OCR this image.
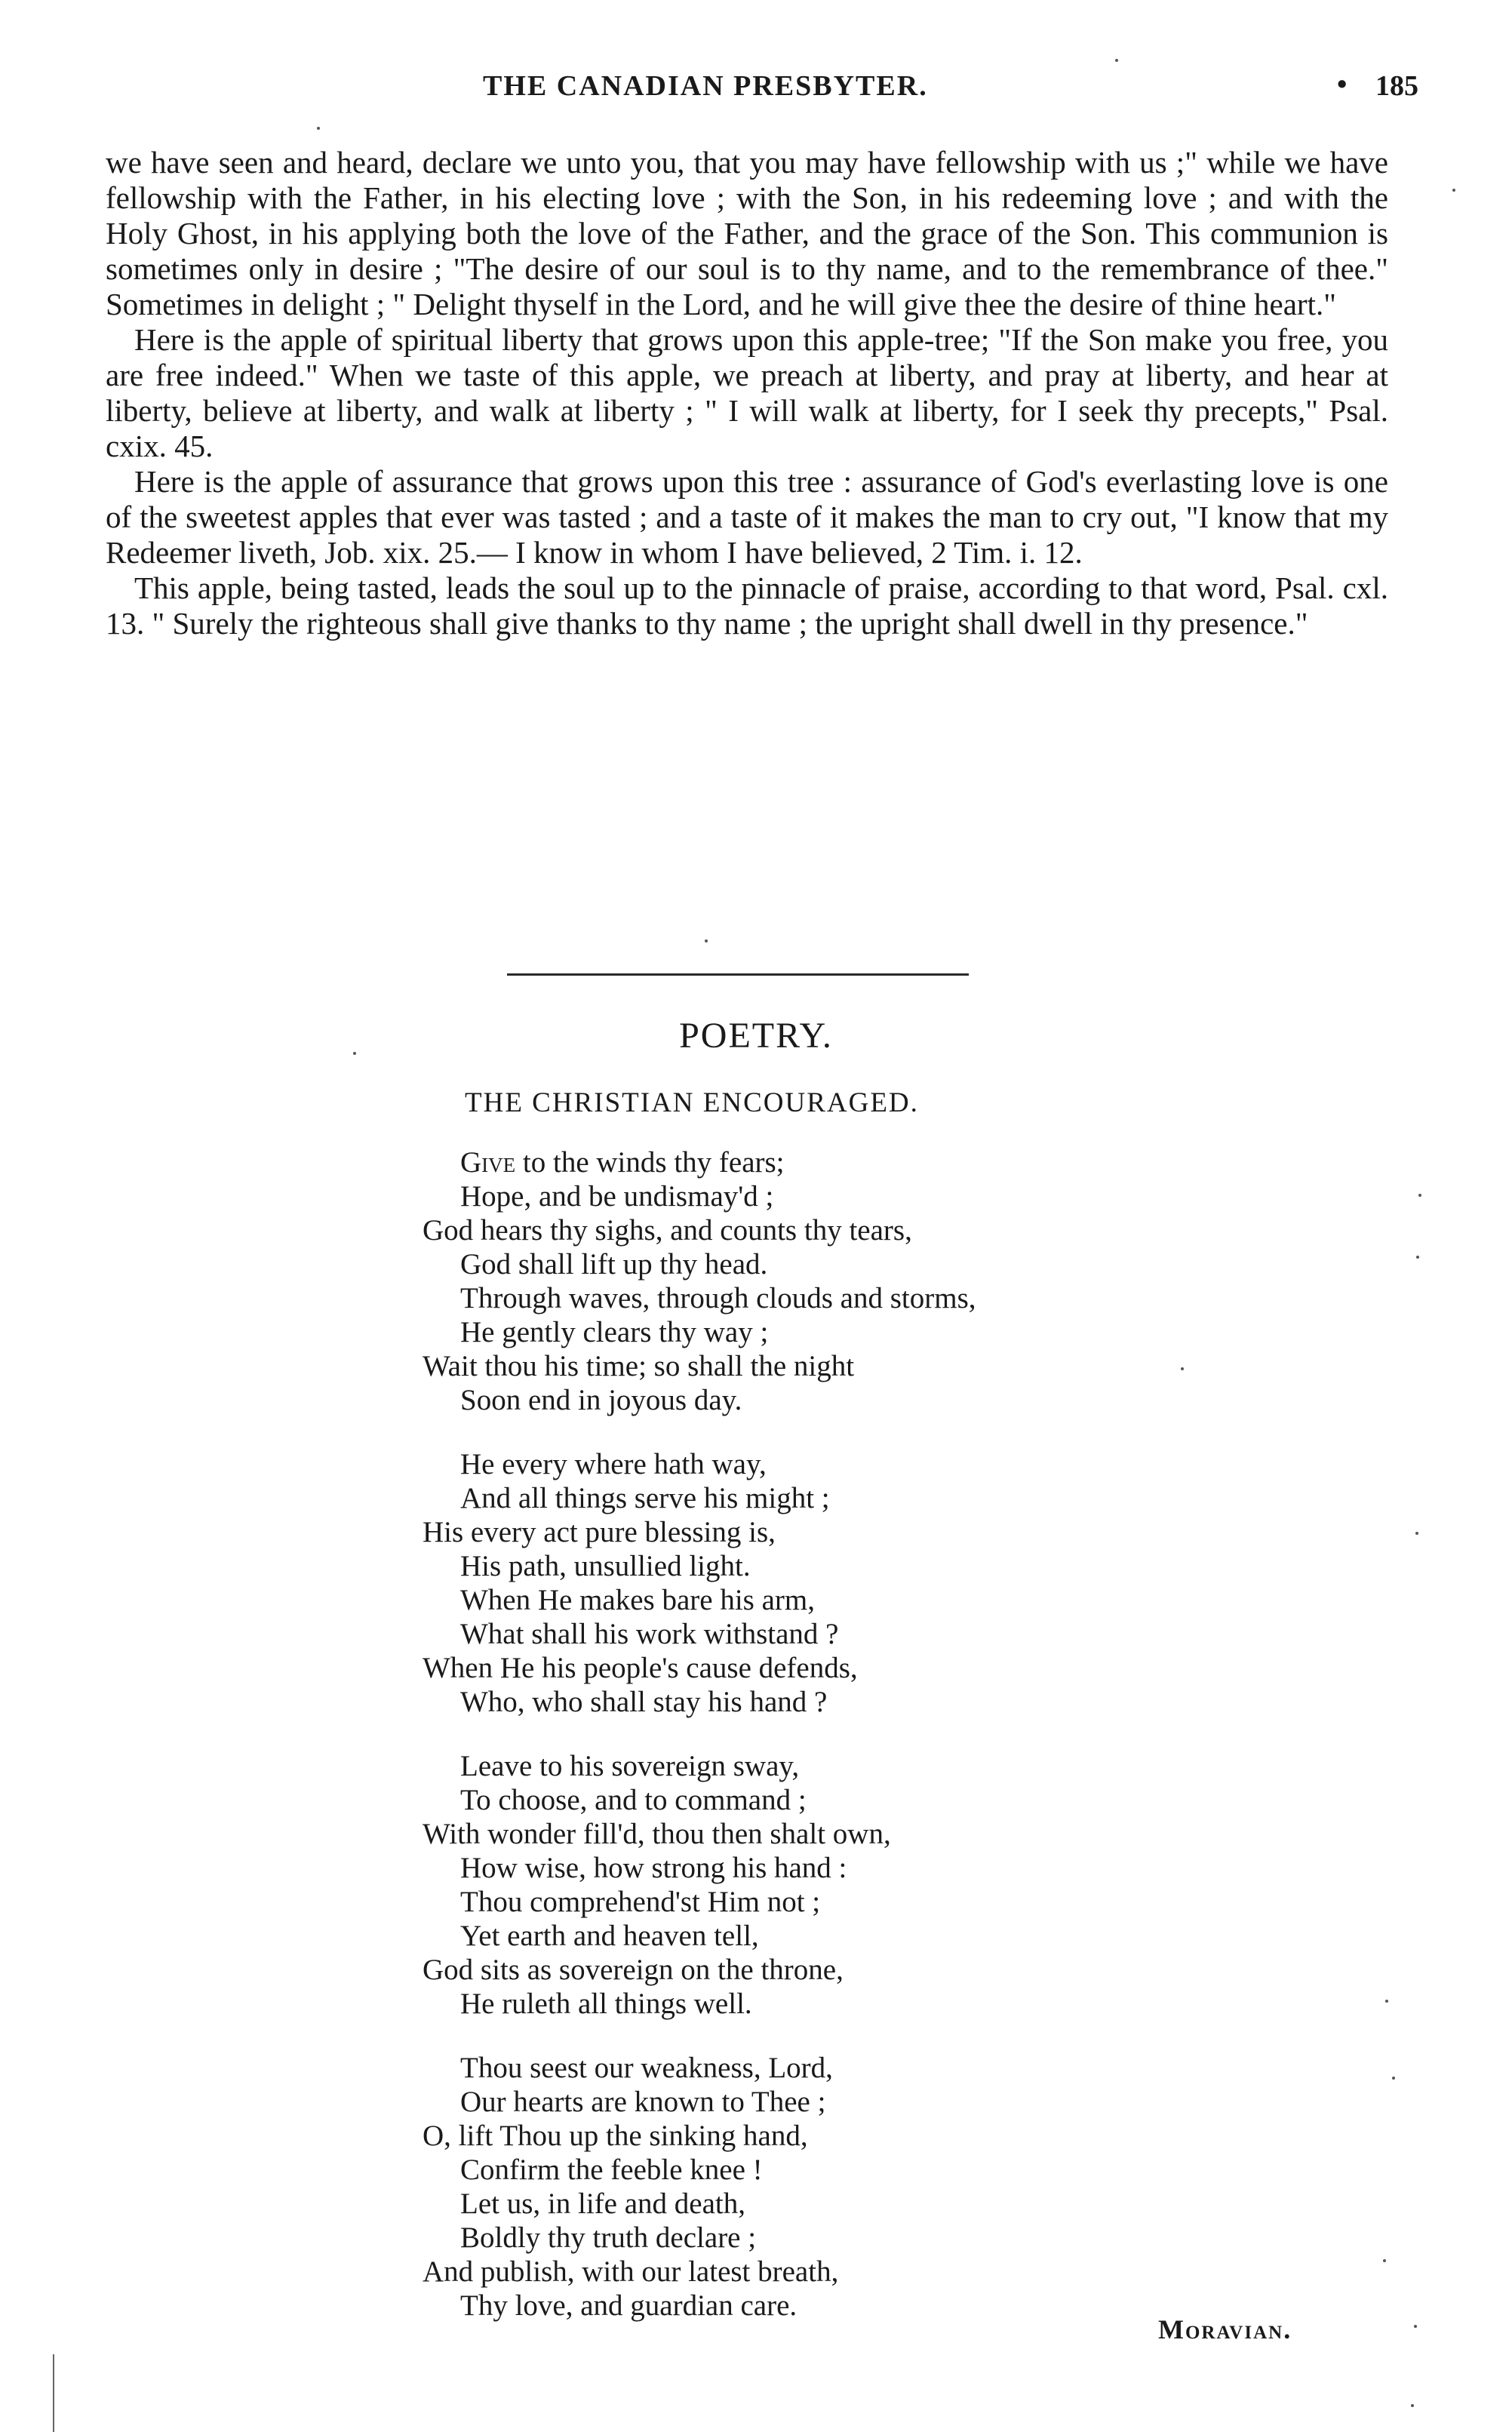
THE CANADIAN PRESBYTER.	• 185

we have seen and heard, declare we unto you, that you may have fellowship with us ;" while we have fellowship with the Father, in his electing love ; with the Son, in his redeeming love ; and with the Holy Ghost, in his applying both the love of the Father, and the grace of the Son. This communion is sometimes only in desire ; "The desire of our soul is to thy name, and to the remembrance of thee." Sometimes in delight ; " Delight thyself in the Lord, and he will give thee the desire of thine heart."

Here is the apple of spiritual liberty that grows upon this apple-tree; "If the Son make you free, you are free indeed." When we taste of this apple, we preach at liberty, and pray at liberty, and hear at liberty, believe at liberty, and walk at liberty ; " I will walk at liberty, for I seek thy precepts," Psal. cxix. 45.

Here is the apple of assurance that grows upon this tree : assurance of God's everlasting love is one of the sweetest apples that ever was tasted ; and a taste of it makes the man to cry out, "I know that my Redeemer liveth, Job. xix. 25.— I know in whom I have believed, 2 Tim. i. 12.

This apple, being tasted, leads the soul up to the pinnacle of praise, according to that word, Psal. cxl. 13. " Surely the righteous shall give thanks to thy name ; the upright shall dwell in thy presence."

POETRY.
THE CHRISTIAN ENCOURAGED.
Give to the winds thy fears;
Hope, and be undismay'd ;
God hears thy sighs, and counts thy tears,
God shall lift up thy head.
Through waves, through clouds and storms,
He gently clears thy way ;
Wait thou his time; so shall the night
Soon end in joyous day.
He every where hath way,
And all things serve his might ;
His every act pure blessing is,
His path, unsullied light.
When He makes bare his arm,
What shall his work withstand ?
When He his people's cause defends,
Who, who shall stay his hand ?
Leave to his sovereign sway,
To choose, and to command ;
With wonder fill'd, thou then shalt own,
How wise, how strong his hand :
Thou comprehend'st Him not ;
Yet earth and heaven tell,
God sits as sovereign on the throne,
He ruleth all things well.
Thou seest our weakness, Lord,
Our hearts are known to Thee ;
O, lift Thou up the sinking hand,
Confirm the feeble knee !
Let us, in life and death,
Boldly thy truth declare ;
And publish, with our latest breath,
Thy love, and guardian care.
Moravian.
